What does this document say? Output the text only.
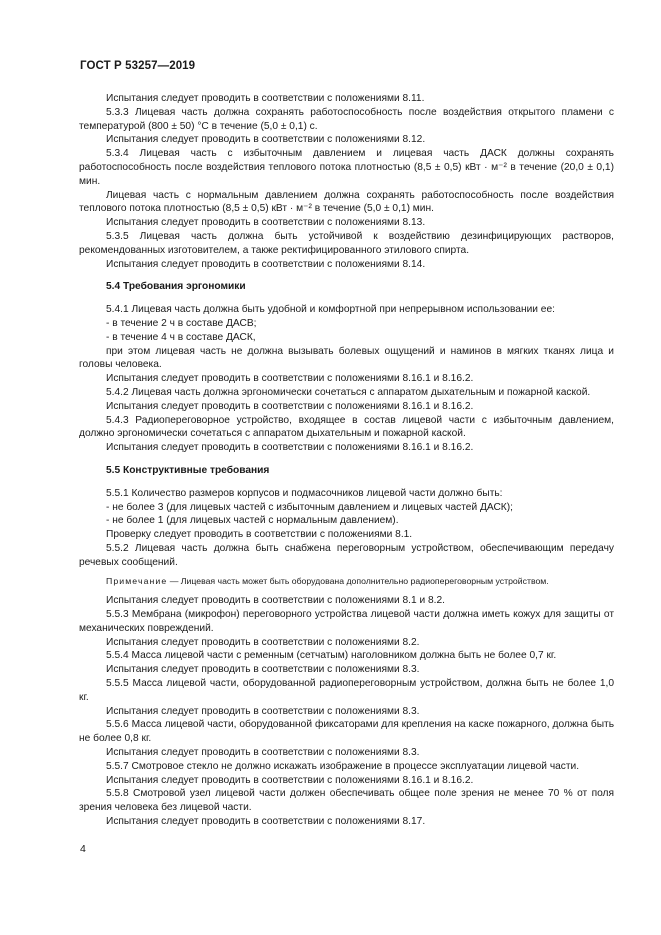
ГОСТ Р 53257—2019

Испытания следует проводить в соответствии с положениями 8.11.

5.3.3 Лицевая часть должна сохранять работоспособность после воздействия открытого пламени с температурой (800 ± 50) °С в течение (5,0 ± 0,1) с.

Испытания следует проводить в соответствии с положениями 8.12.

5.3.4 Лицевая часть с избыточным давлением и лицевая часть ДАСК должны сохранять работоспособность после воздействия теплового потока плотностью (8,5 ± 0,5) кВт · м⁻² в течение (20,0 ± 0,1) мин.

Лицевая часть с нормальным давлением должна сохранять работоспособность после воздействия теплового потока плотностью (8,5 ± 0,5) кВт · м⁻² в течение (5,0 ± 0,1) мин.

Испытания следует проводить в соответствии с положениями 8.13.

5.3.5 Лицевая часть должна быть устойчивой к воздействию дезинфицирующих растворов, рекомендованных изготовителем, а также ректифицированного этилового спирта.

Испытания следует проводить в соответствии с положениями 8.14.

5.4 Требования эргономики

5.4.1 Лицевая часть должна быть удобной и комфортной при непрерывном использовании ее:

- в течение 2 ч в составе ДАСВ;

- в течение 4 ч в составе ДАСК,

при этом лицевая часть не должна вызывать болевых ощущений и наминов в мягких тканях лица и головы человека.

Испытания следует проводить в соответствии с положениями 8.16.1 и 8.16.2.

5.4.2 Лицевая часть должна эргономически сочетаться с аппаратом дыхательным и пожарной каской.

Испытания следует проводить в соответствии с положениями 8.16.1 и 8.16.2.

5.4.3 Радиопереговорное устройство, входящее в состав лицевой части с избыточным давлением, должно эргономически сочетаться с аппаратом дыхательным и пожарной каской.

Испытания следует проводить в соответствии с положениями 8.16.1 и 8.16.2.

5.5 Конструктивные требования

5.5.1 Количество размеров корпусов и подмасочников лицевой части должно быть:

- не более 3 (для лицевых частей с избыточным давлением и лицевых частей ДАСК);

- не более 1 (для лицевых частей с нормальным давлением).

Проверку следует проводить в соответствии с положениями 8.1.

5.5.2 Лицевая часть должна быть снабжена переговорным устройством, обеспечивающим передачу речевых сообщений.

Примечание — Лицевая часть может быть оборудована дополнительно радиопереговорным устройством.

Испытания следует проводить в соответствии с положениями 8.1 и 8.2.

5.5.3 Мембрана (микрофон) переговорного устройства лицевой части должна иметь кожух для защиты от механических повреждений.

Испытания следует проводить в соответствии с положениями 8.2.

5.5.4 Масса лицевой части с ременным (сетчатым) наголовником должна быть не более 0,7 кг.

Испытания следует проводить в соответствии с положениями 8.3.

5.5.5 Масса лицевой части, оборудованной радиопереговорным устройством, должна быть не более 1,0 кг.

Испытания следует проводить в соответствии с положениями 8.3.

5.5.6 Масса лицевой части, оборудованной фиксаторами для крепления на каске пожарного, должна быть не более 0,8 кг.

Испытания следует проводить в соответствии с положениями 8.3.

5.5.7 Смотровое стекло не должно искажать изображение в процессе эксплуатации лицевой части.

Испытания следует проводить в соответствии с положениями 8.16.1 и 8.16.2.

5.5.8 Смотровой узел лицевой части должен обеспечивать общее поле зрения не менее 70 % от поля зрения человека без лицевой части.

Испытания следует проводить в соответствии с положениями 8.17.

4
